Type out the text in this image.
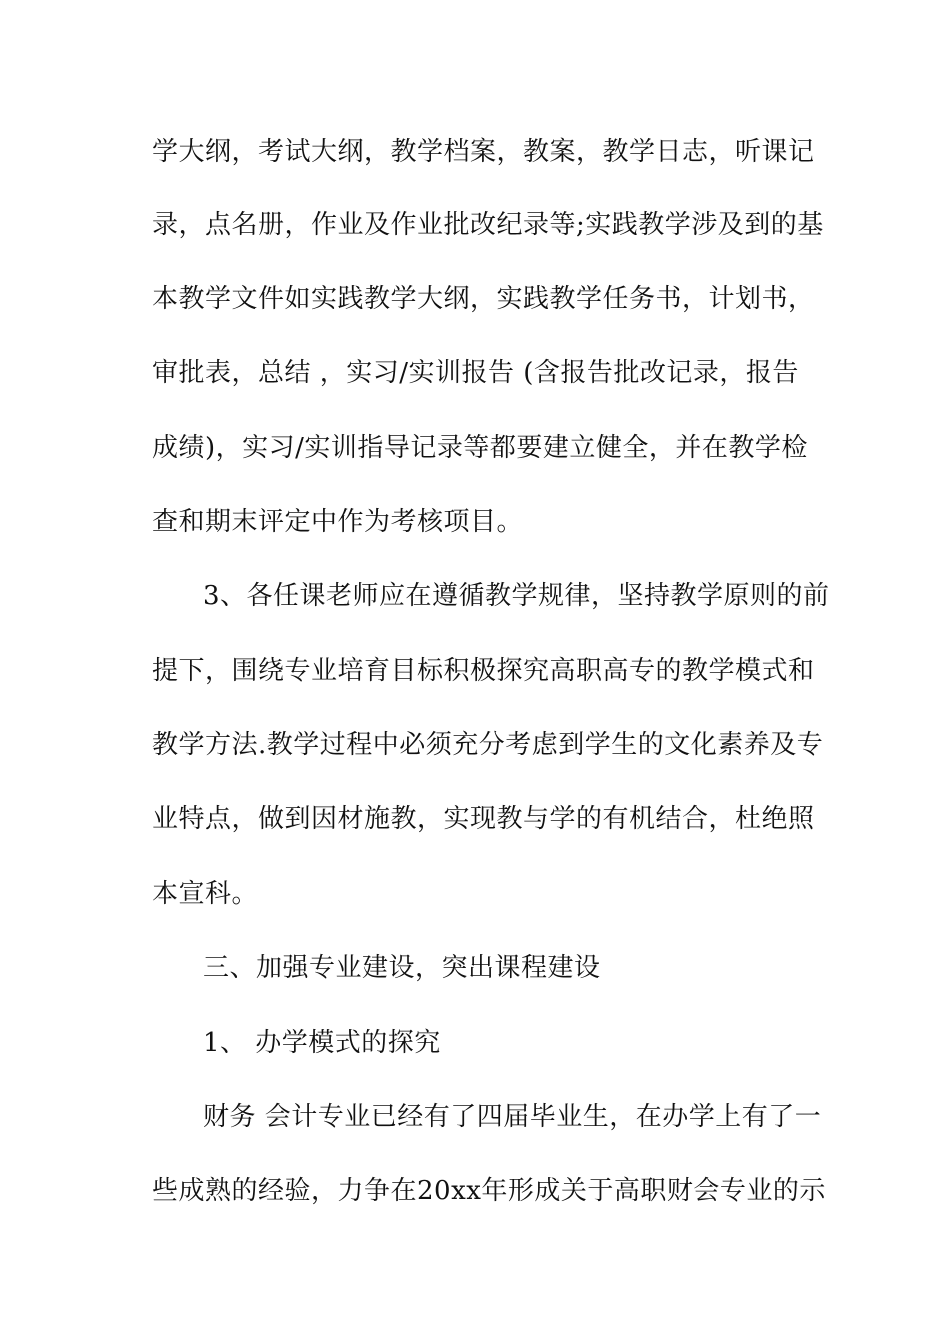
学大纲，考试大纲，教学档案，教案，教学日志，听课记
录，点名册，作业及作业批改纪录等;实践教学涉及到的基
本教学文件如实践教学大纲，实践教学任务书，计划书，
审批表，总结 ，实习/实训报告 (含报告批改记录，报告
成绩)，实习/实训指导记录等都要建立健全，并在教学检
查和期末评定中作为考核项目。
3、各任课老师应在遵循教学规律，坚持教学原则的前
提下，围绕专业培育目标积极探究高职高专的教学模式和
教学方法.教学过程中必须充分考虑到学生的文化素养及专
业特点，做到因材施教，实现教与学的有机结合，杜绝照
本宣科。
三、加强专业建设，突出课程建设
1、 办学模式的探究
财务 会计专业已经有了四届毕业生，在办学上有了一
些成熟的经验，力争在20xx年形成关于高职财会专业的示
